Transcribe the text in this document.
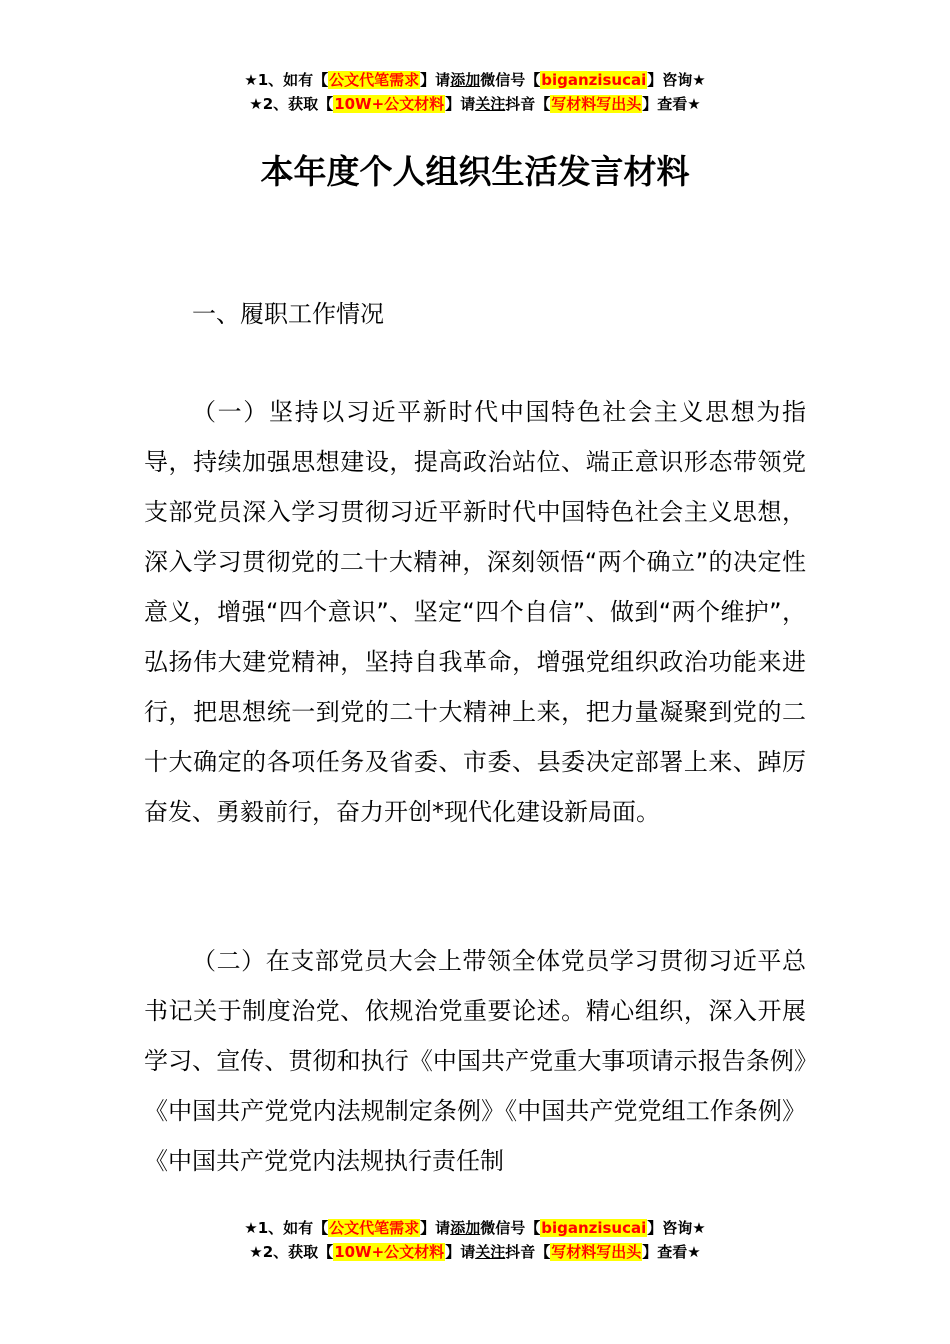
★1、如有【公文代笔需求】请添加微信号【biganzisucai】咨询★
★2、获取【10W+公文材料】请关注抖音【写材料写出头】查看★
本年度个人组织生活发言材料
一、履职工作情况

（一）坚持以习近平新时代中国特色社会主义思想为指导，持续加强思想建设，提高政治站位、端正意识形态带领党支部党员深入学习贯彻习近平新时代中国特色社会主义思想， 深入学习贯彻党的二十大精神，深刻领悟“两个确立”的决定性意义，增强“四个意识”、坚定“四个自信”、做到“两个维护”，弘扬伟大建党精神，坚持自我革命，增强党组织政治功能来进行，把思想统一到党的二十大精神上来，把力量凝聚到党的二十大确定的各项任务及省委、市委、县委决定部署上来、踔厉奋发、勇毅前行，奋力开创*现代化建设新局面。

（二）在支部党员大会上带领全体党员学习贯彻习近平总书记关于制度治党、依规治党重要论述。精心组织，深入开展学习、宣传、贯彻和执行《中国共产党重大事项请示报告条例》《中国共产党党内法规制定条例》《中国共产党党组工作条例》《中国共产党党内法规执行责任制

★1、如有【公文代笔需求】请添加微信号【biganzisucai】咨询★
★2、获取【10W+公文材料】请关注抖音【写材料写出头】查看★
